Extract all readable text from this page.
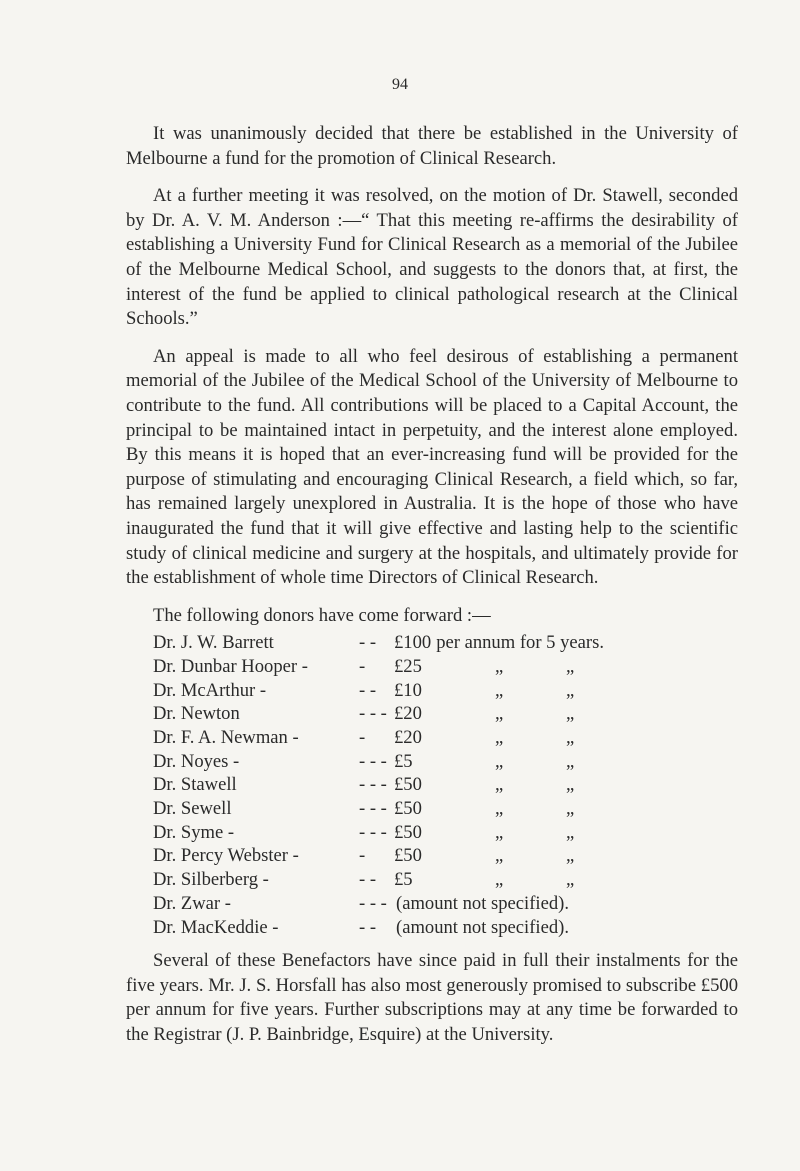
94

It was unanimously decided that there be established in the University of Melbourne a fund for the promotion of Clinical Research.

At a further meeting it was resolved, on the motion of Dr. Stawell, seconded by Dr. A. V. M. Anderson :—“ That this meeting re-affirms the desirability of establishing a University Fund for Clinical Research as a memorial of the Jubilee of the Melbourne Medical School, and suggests to the donors that, at first, the interest of the fund be applied to clinical pathological research at the Clinical Schools.”

An appeal is made to all who feel desirous of establishing a permanent memorial of the Jubilee of the Medical School of the University of Melbourne to contribute to the fund. All contributions will be placed to a Capital Account, the principal to be maintained intact in perpetuity, and the interest alone employed. By this means it is hoped that an ever-increasing fund will be provided for the purpose of stimulating and encouraging Clinical Research, a field which, so far, has remained largely unexplored in Australia. It is the hope of those who have inaugurated the fund that it will give effective and lasting help to the scientific study of clinical medicine and surgery at the hospitals, and ultimately provide for the establishment of whole time Directors of Clinical Research.

The following donors have come forward :—
Dr. J. W. Barrett	- - £100 per annum for 5 years.
Dr. Dunbar Hooper -	- £25	„	„
Dr. McArthur -	- - £10	„	„
Dr. Newton	- - - £20	„	„
Dr. F. A. Newman -	- £20	„	„
Dr. Noyes -	- - - £5	„	„
Dr. Stawell	- - - £50	„	„
Dr. Sewell	- - - £50	„	„
Dr. Syme -	- - - £50	„	„
Dr. Percy Webster -	- £50	„	„
Dr. Silberberg -	- - £5	„	„
Dr. Zwar -	- - - (amount not specified).
Dr. MacKeddie -	- - (amount not specified).

Several of these Benefactors have since paid in full their instalments for the five years. Mr. J. S. Horsfall has also most generously promised to subscribe £500 per annum for five years. Further subscriptions may at any time be forwarded to the Registrar (J. P. Bainbridge, Esquire) at the University.
